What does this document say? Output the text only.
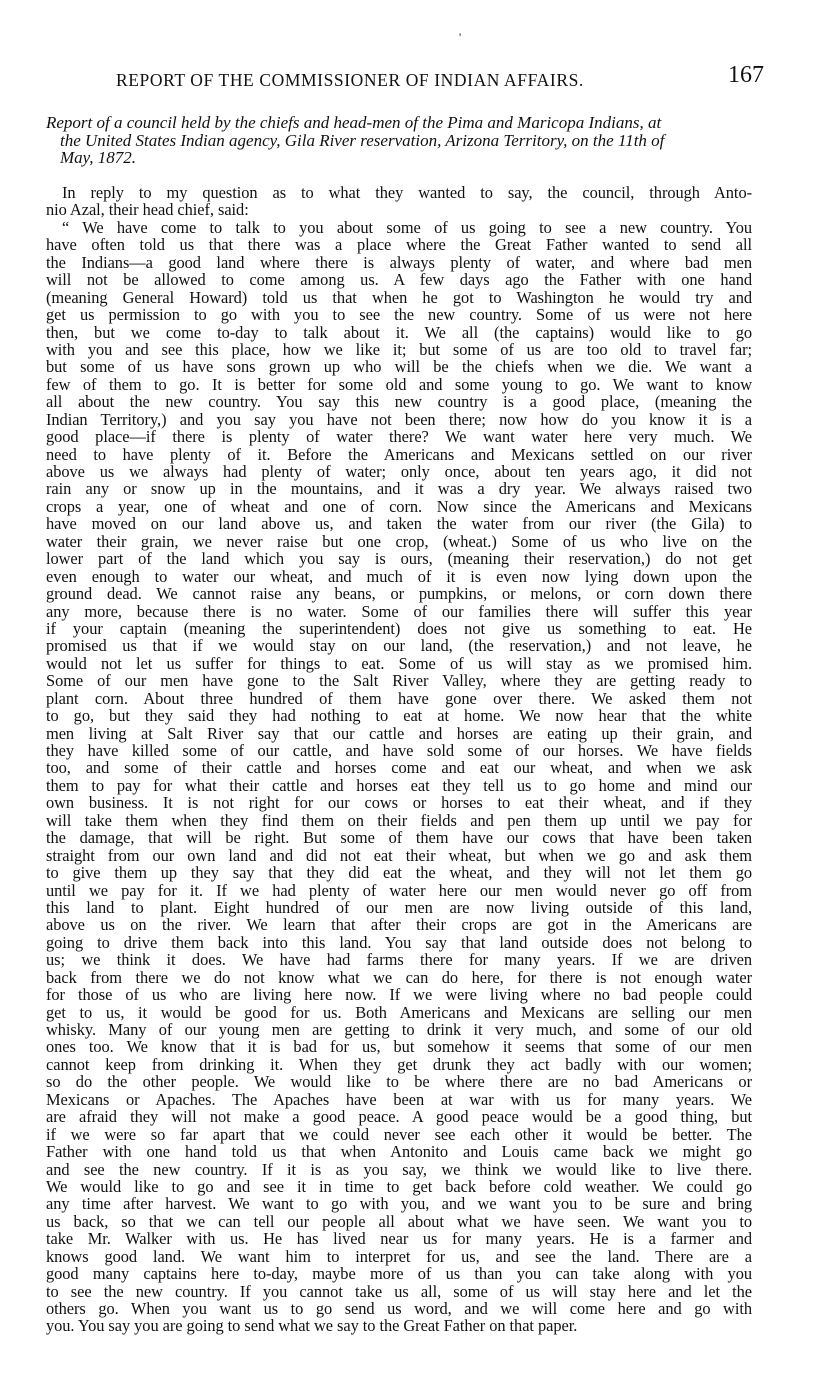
'
REPORT OF THE COMMISSIONER OF INDIAN AFFAIRS.	167
Report of a council held by the chiefs and head-men of the Pima and Maricopa Indians, at

the United States Indian agency, Gila River reservation, Arizona Territory, on the 11th of
May, 1872.
In reply to my question as to what they wanted to say, the council, through Anto-
nio Azal, their head chief, said:
“ We have come to talk to you about some of us going to see a new country. You
have often told us that there was a place where the Great Father wanted to send all
the Indians—a good land where there is always plenty of water, and where bad men
will not be allowed to come among us. A few days ago the Father with one hand
(meaning General Howard) told us that when he got to Washington he would try and
get us permission to go with you to see the new country. Some of us were not here
then, but we come to-day to talk about it. We all (the captains) would like to go
with you and see this place, how we like it; but some of us are too old to travel far;
but some of us have sons grown up who will be the chiefs when we die. We want a
few of them to go. It is better for some old and some young to go. We want to know
all about the new country. You say this new country is a good place, (meaning the
Indian Territory,) and you say you have not been there; now how do you know it is a
good place—if there is plenty of water there? We want water here very much. We
need to have plenty of it. Before the Americans and Mexicans settled on our river
above us we always had plenty of water; only once, about ten years ago, it did not
rain any or snow up in the mountains, and it was a dry year. We always raised two
crops a year, one of wheat and one of corn. Now since the Americans and Mexicans
have moved on our land above us, and taken the water from our river (the Gila) to
water their grain, we never raise but one crop, (wheat.) Some of us who live on the
lower part of the land which you say is ours, (meaning their reservation,) do not get
even enough to water our wheat, and much of it is even now lying down upon the
ground dead. We cannot raise any beans, or pumpkins, or melons, or corn down there
any more, because there is no water. Some of our families there will suffer this year
if your captain (meaning the superintendent) does not give us something to eat. He
promised us that if we would stay on our land, (the reservation,) and not leave, he
would not let us suffer for things to eat. Some of us will stay as we promised him.
Some of our men have gone to the Salt River Valley, where they are getting ready to
plant corn. About three hundred of them have gone over there. We asked them not
to go, but they said they had nothing to eat at home. We now hear that the white
men living at Salt River say that our cattle and horses are eating up their grain, and
they have killed some of our cattle, and have sold some of our horses. We have fields
too, and some of their cattle and horses come and eat our wheat, and when we ask
them to pay for what their cattle and horses eat they tell us to go home and mind our
own business. It is not right for our cows or horses to eat their wheat, and if they
will take them when they find them on their fields and pen them up until we pay for
the damage, that will be right. But some of them have our cows that have been taken
straight from our own land and did not eat their wheat, but when we go and ask them
to give them up they say that they did eat the wheat, and they will not let them go
until we pay for it. If we had plenty of water here our men would never go off from
this land to plant. Eight hundred of our men are now living outside of this land,
above us on the river. We learn that after their crops are got in the Americans are
going to drive them back into this land. You say that land outside does not belong to
us; we think it does. We have had farms there for many years. If we are driven
back from there we do not know what we can do here, for there is not enough water
for those of us who are living here now. If we were living where no bad people could
get to us, it would be good for us. Both Americans and Mexicans are selling our men
whisky. Many of our young men are getting to drink it very much, and some of our old
ones too. We know that it is bad for us, but somehow it seems that some of our men
cannot keep from drinking it. When they get drunk they act badly with our women;
so do the other people. We would like to be where there are no bad Americans or
Mexicans or Apaches. The Apaches have been at war with us for many years. We
are afraid they will not make a good peace. A good peace would be a good thing, but
if we were so far apart that we could never see each other it would be better. The
Father with one hand told us that when Antonito and Louis came back we might go
and see the new country. If it is as you say, we think we would like to live there.
We would like to go and see it in time to get back before cold weather. We could go
any time after harvest. We want to go with you, and we want you to be sure and bring
us back, so that we can tell our people all about what we have seen. We want you to
take Mr. Walker with us. He has lived near us for many years. He is a farmer and
knows good land. We want him to interpret for us, and see the land. There are a
good many captains here to-day, maybe more of us than you can take along with you
to see the new country. If you cannot take us all, some of us will stay here and let the
others go. When you want us to go send us word, and we will come here and go with
you. You say you are going to send what we say to the Great Father on that paper.
